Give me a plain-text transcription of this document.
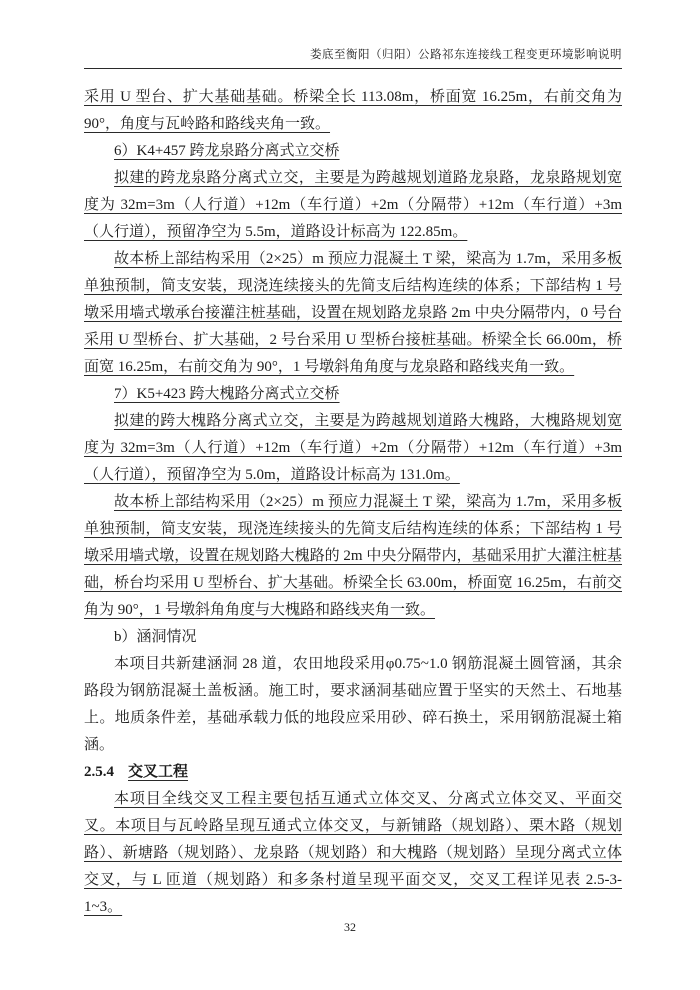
娄底至衡阳（归阳）公路祁东连接线工程变更环境影响说明

采用 U 型台、扩大基础基础。桥梁全长 113.08m，桥面宽 16.25m，右前交角为 90°，角度与瓦岭路和路线夹角一致。

6）K4+457 跨龙泉路分离式立交桥

拟建的跨龙泉路分离式立交，主要是为跨越规划道路龙泉路，龙泉路规划宽度为 32m=3m（人行道）+12m（车行道）+2m（分隔带）+12m（车行道）+3m（人行道），预留净空为 5.5m，道路设计标高为 122.85m。

故本桥上部结构采用（2×25）m 预应力混凝土 T 梁，梁高为 1.7m，采用多板单独预制，简支安装，现浇连续接头的先简支后结构连续的体系；下部结构 1 号墩采用墙式墩承台接灌注桩基础，设置在规划路龙泉路 2m 中央分隔带内，0 号台采用 U 型桥台、扩大基础，2 号台采用 U 型桥台接桩基础。桥梁全长 66.00m，桥面宽 16.25m，右前交角为 90°，1 号墩斜角角度与龙泉路和路线夹角一致。

7）K5+423 跨大槐路分离式立交桥

拟建的跨大槐路分离式立交，主要是为跨越规划道路大槐路，大槐路规划宽度为 32m=3m（人行道）+12m（车行道）+2m（分隔带）+12m（车行道）+3m（人行道），预留净空为 5.0m，道路设计标高为 131.0m。

故本桥上部结构采用（2×25）m 预应力混凝土 T 梁，梁高为 1.7m，采用多板单独预制，简支安装，现浇连续接头的先简支后结构连续的体系；下部结构 1 号墩采用墙式墩，设置在规划路大槐路的 2m 中央分隔带内，基础采用扩大灌注桩基础，桥台均采用 U 型桥台、扩大基础。桥梁全长 63.00m，桥面宽 16.25m，右前交角为 90°，1 号墩斜角角度与大槐路和路线夹角一致。

b）涵洞情况

本项目共新建涵洞 28 道，农田地段采用φ0.75~1.0 钢筋混凝土圆管涵，其余路段为钢筋混凝土盖板涵。施工时，要求涵洞基础应置于坚实的天然土、石地基上。地质条件差，基础承载力低的地段应采用砂、碎石换土，采用钢筋混凝土箱涵。

2.5.4 交叉工程

本项目全线交叉工程主要包括互通式立体交叉、分离式立体交叉、平面交叉。本项目与瓦岭路呈现互通式立体交叉，与新铺路（规划路）、栗木路（规划路）、新塘路（规划路）、龙泉路（规划路）和大槐路（规划路）呈现分离式立体交叉，与 L 匝道（规划路）和多条村道呈现平面交叉，交叉工程详见表 2.5-3-1~3。

32
